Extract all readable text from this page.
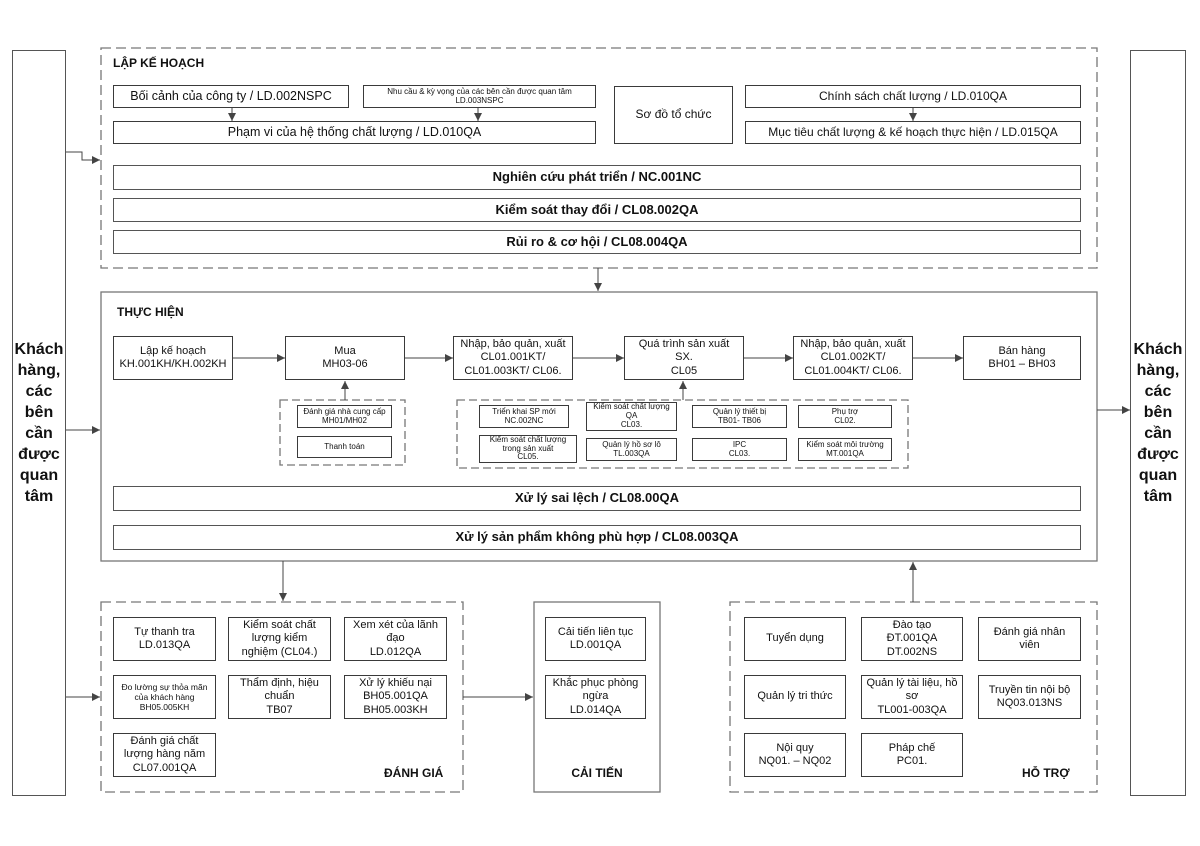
Khách hàng, các bên cần được quan tâm
Khách hàng, các bên cần được quan tâm
LẬP KẾ HOẠCH
Bối cảnh của công ty / LD.002NSPC	Nhu cầu & kỳ vọng của các bên cần được quan tâm
LD.003NSPC
Phạm vi của hệ thống chất lượng / LD.010QA
Sơ đồ tổ chức
Chính sách chất lượng / LD.010QA
Mục tiêu chất lượng & kế hoạch thực hiện / LD.015QA
Nghiên cứu phát triển / NC.001NC
Kiểm soát thay đổi / CL08.002QA
Rủi ro & cơ hội / CL08.004QA
THỰC HIỆN
Lập kế hoạch
KH.001KH/KH.002KH
Mua
MH03-06
Nhập, bảo quản, xuất
CL01.001KT/
CL01.003KT/ CL06.
Quá trình sản xuất
SX.
CL05
Nhập, bảo quản, xuất
CL01.002KT/
CL01.004KT/ CL06.
Bán hàng
BH01 – BH03
Đánh giá nhà cung cấp
MH01/MH02
Thanh toán
Triển khai SP mới
NC.002NC
Kiểm soát chất lượng
QA
CL03.
Quản lý thiết bị
TB01- TB06
Phụ trợ
CL02.
Kiểm soát chất lượng
trong sản xuất
CL05.
Quản lý hồ sơ lô
TL.003QA
IPC
CL03.
Kiểm soát môi trường
MT.001QA
Xử lý sai lệch / CL08.00QA
Xử lý sản phẩm không phù hợp / CL08.003QA
Tự thanh tra
LD.013QA
Kiểm soát chất
lượng kiểm
nghiệm (CL04.)
Xem xét của lãnh
đạo
LD.012QA
Đo lường sự thỏa mãn
của khách hàng
BH05.005KH
Thẩm định, hiệu
chuẩn
TB07
Xử lý khiếu nại
BH05.001QA
BH05.003KH
Đánh giá chất
lượng hàng năm
CL07.001QA	ĐÁNH GIÁ
Cải tiến liên tục
LD.001QA
Khắc phục phòng
ngừa
LD.014QA
CẢI TIẾN
Tuyển dụng
Đào tạo
ĐT.001QA
DT.002NS
Đánh giá nhân
viên
Quản lý tri thức
Quản lý tài liệu, hồ
sơ
TL001-003QA
Truyền tin nội bộ
NQ03.013NS
Nội quy
NQ01. – NQ02
Pháp chế
PC01.
HỖ TRỢ
